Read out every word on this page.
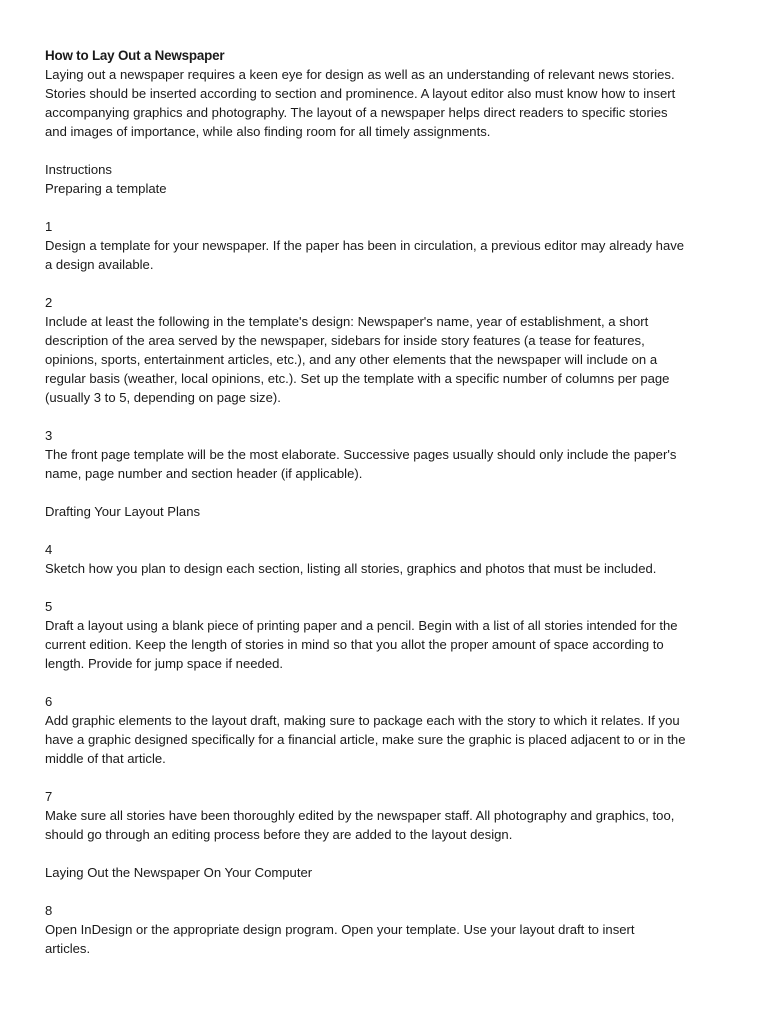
How to Lay Out a Newspaper

Laying out a newspaper requires a keen eye for design as well as an understanding of relevant news stories.

Stories should be inserted according to section and prominence. A layout editor also must know how to insert

accompanying graphics and photography. The layout of a newspaper helps direct readers to specific stories

and images of importance, while also finding room for all timely assignments.

Instructions

Preparing a template

1

Design a template for your newspaper. If the paper has been in circulation, a previous editor may already have

a design available.

2

Include at least the following in the template's design: Newspaper's name, year of establishment, a short

description of the area served by the newspaper, sidebars for inside story features (a tease for features,

opinions, sports, entertainment articles, etc.), and any other elements that the newspaper will include on a

regular basis (weather, local opinions, etc.). Set up the template with a specific number of columns per page

(usually 3 to 5, depending on page size).

3

The front page template will be the most elaborate. Successive pages usually should only include the paper's

name, page number and section header (if applicable).

Drafting Your Layout Plans

4

Sketch how you plan to design each section, listing all stories, graphics and photos that must be included.

5

Draft a layout using a blank piece of printing paper and a pencil. Begin with a list of all stories intended for the

current edition. Keep the length of stories in mind so that you allot the proper amount of space according to

length. Provide for jump space if needed.

6

Add graphic elements to the layout draft, making sure to package each with the story to which it relates. If you

have a graphic designed specifically for a financial article, make sure the graphic is placed adjacent to or in the

middle of that article.

7

Make sure all stories have been thoroughly edited by the newspaper staff. All photography and graphics, too,

should go through an editing process before they are added to the layout design.

Laying Out the Newspaper On Your Computer

8

Open InDesign or the appropriate design program. Open your template. Use your layout draft to insert

articles.
